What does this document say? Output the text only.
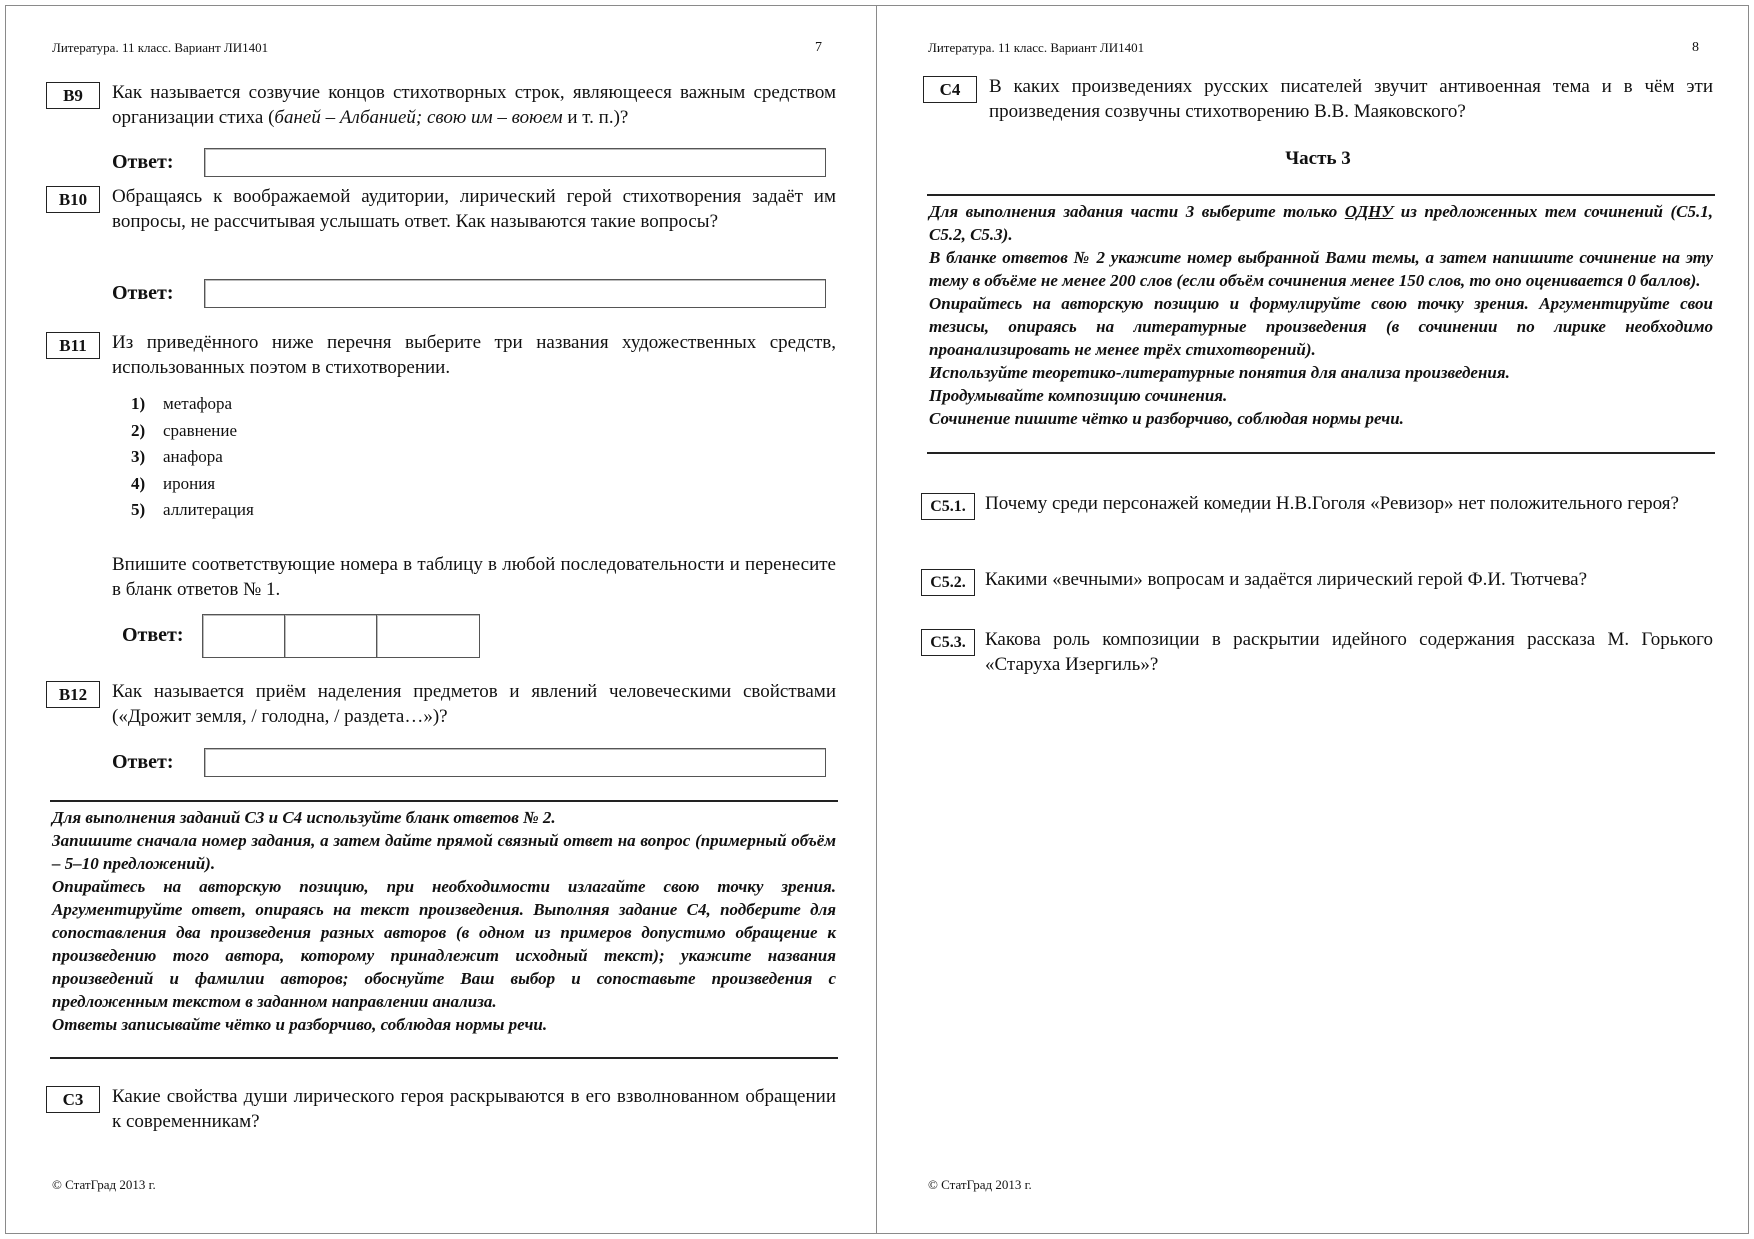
Литература. 11 класс. Вариант ЛИ1401	7
В9	Как называется созвучие концов стихотворных строк, являющееся важным средством организации стиха (баней – Албанией; свою им – воюем и т. п.)?
Ответ:
В10	Обращаясь к воображаемой аудитории, лирический герой стихотворения задаёт им вопросы, не рассчитывая услышать ответ. Как называются такие вопросы?
Ответ:
В11	Из приведённого ниже перечня выберите три названия художественных средств, использованных поэтом в стихотворении.
1) метафора
2) сравнение
3) анафора
4) ирония
5) аллитерация
Впишите соответствующие номера в таблицу в любой последовательности и перенесите в бланк ответов № 1.
Ответ:
В12	Как называется приём наделения предметов и явлений человеческими свойствами («Дрожит земля, / голодна, / раздета…»)?
Ответ:

Для выполнения заданий С3 и С4 используйте бланк ответов № 2.

Запишите сначала номер задания, а затем дайте прямой связный ответ на вопрос (примерный объём – 5–10 предложений).

Опирайтесь на авторскую позицию, при необходимости излагайте свою точку зрения. Аргументируйте ответ, опираясь на текст произведения. Выполняя задание С4, подберите для сопоставления два произведения разных авторов (в одном из примеров допустимо обращение к произведению того автора, которому принадлежит исходный текст); укажите названия произведений и фамилии авторов; обоснуйте Ваш выбор и сопоставьте произведения с предложенным текстом в заданном направлении анализа.

Ответы записывайте чётко и разборчиво, соблюдая нормы речи.

С3	Какие свойства души лирического героя раскрываются в его взволнованном обращении к современникам?
© СтатГрад 2013 г.
Литература. 11 класс. Вариант ЛИ1401	8
С4	В каких произведениях русских писателей звучит антивоенная тема и в чём эти произведения созвучны стихотворению В.В. Маяковского?
Часть 3

Для выполнения задания части 3 выберите только ОДНУ из предложенных тем сочинений (С5.1, С5.2, С5.3).

В бланке ответов № 2 укажите номер выбранной Вами темы, а затем напишите сочинение на эту тему в объёме не менее 200 слов (если объём сочинения менее 150 слов, то оно оценивается 0 баллов).

Опирайтесь на авторскую позицию и формулируйте свою точку зрения. Аргументируйте свои тезисы, опираясь на литературные произведения (в сочинении по лирике необходимо проанализировать не менее трёх стихотворений).

Используйте теоретико-литературные понятия для анализа произведения.

Продумывайте композицию сочинения.

Сочинение пишите чётко и разборчиво, соблюдая нормы речи.

С5.1.	Почему среди персонажей комедии Н.В.Гоголя «Ревизор» нет положительного героя?
С5.2.	Какими «вечными» вопросам и задаётся лирический герой Ф.И. Тютчева?
С5.3.	Какова роль композиции в раскрытии идейного содержания рассказа М. Горького «Старуха Изергиль»?
© СтатГрад 2013 г.
